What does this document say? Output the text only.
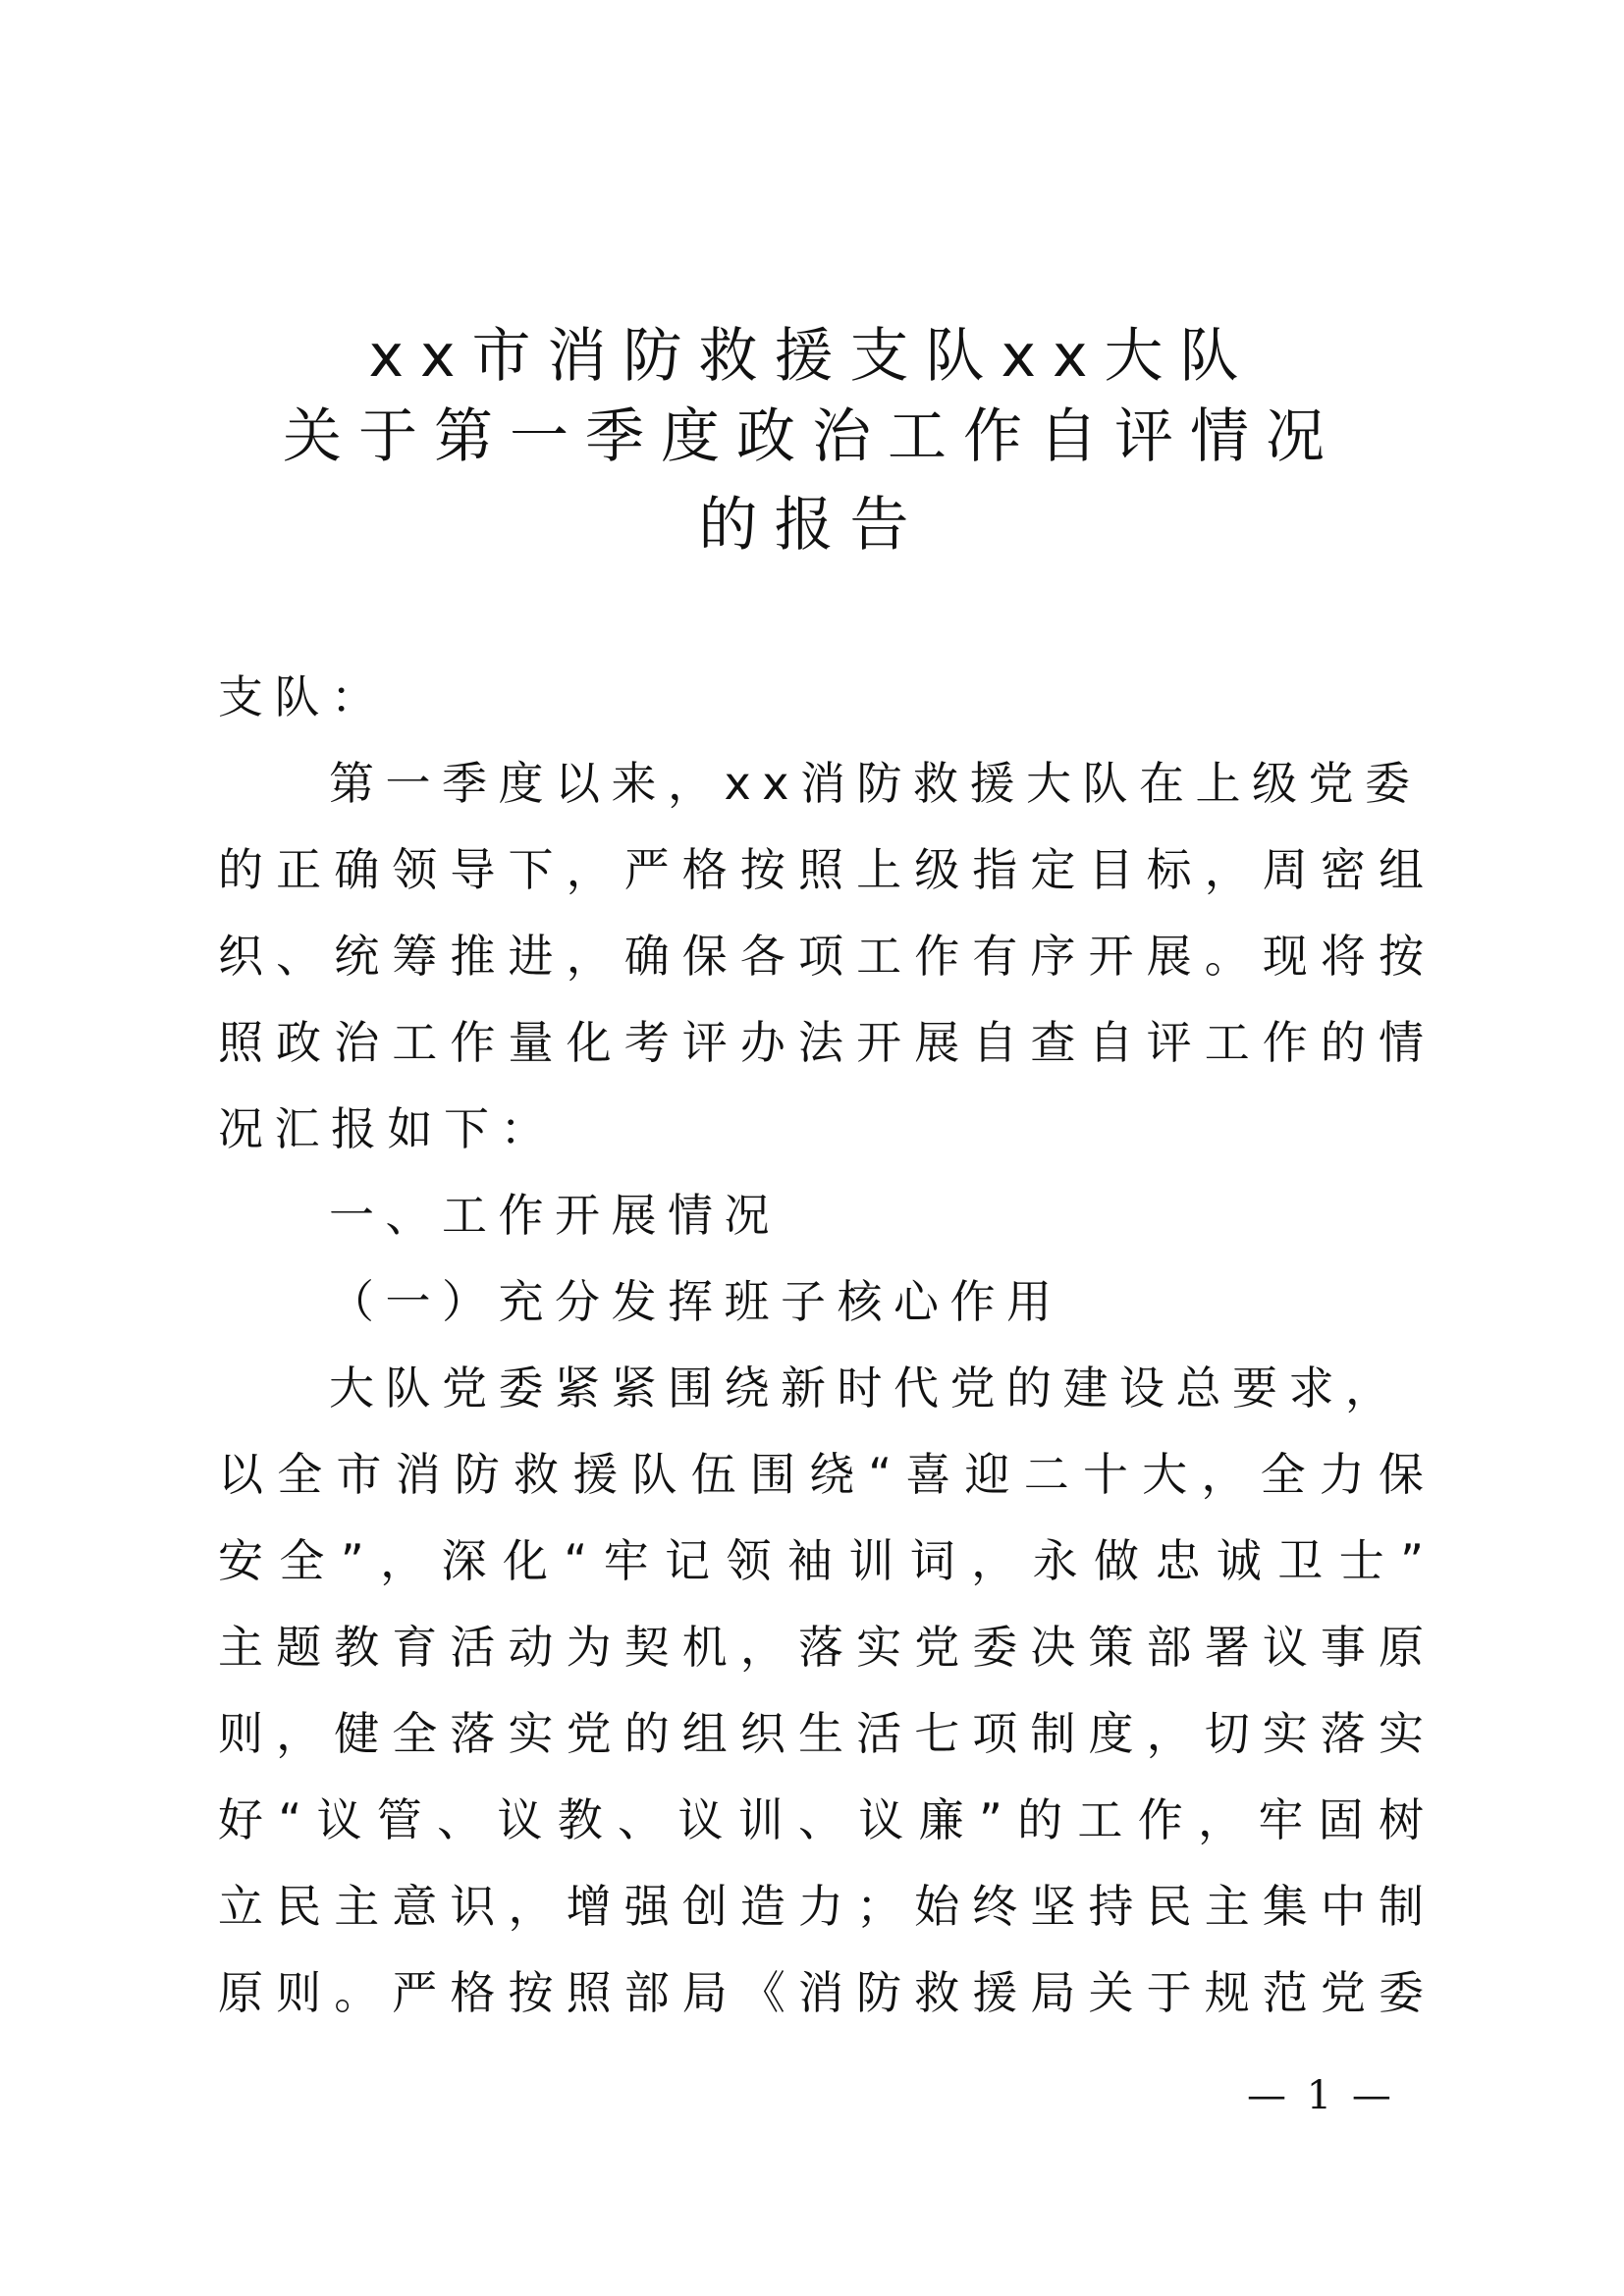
xx市消防救援支队xx大队
关于第一季度政治工作自评情况
的报告
支队：
第一季度以来，xx消防救援大队在上级党委
的正确领导下，严格按照上级指定目标，周密组
织、统筹推进，确保各项工作有序开展。现将按
照政治工作量化考评办法开展自查自评工作的情
况汇报如下：
一、工作开展情况
（一）充分发挥班子核心作用
大队党委紧紧围绕新时代党的建设总要求，
以全市消防救援队伍围绕“喜迎二十大，全力保
安全”，深化“牢记领袖训词，永做忠诚卫士”
主题教育活动为契机，落实党委决策部署议事原
则，健全落实党的组织生活七项制度，切实落实
好“议管、议教、议训、议廉”的工作，牢固树
立民主意识，增强创造力；始终坚持民主集中制
原则。严格按照部局《消防救援局关于规范党委
— 1 —
